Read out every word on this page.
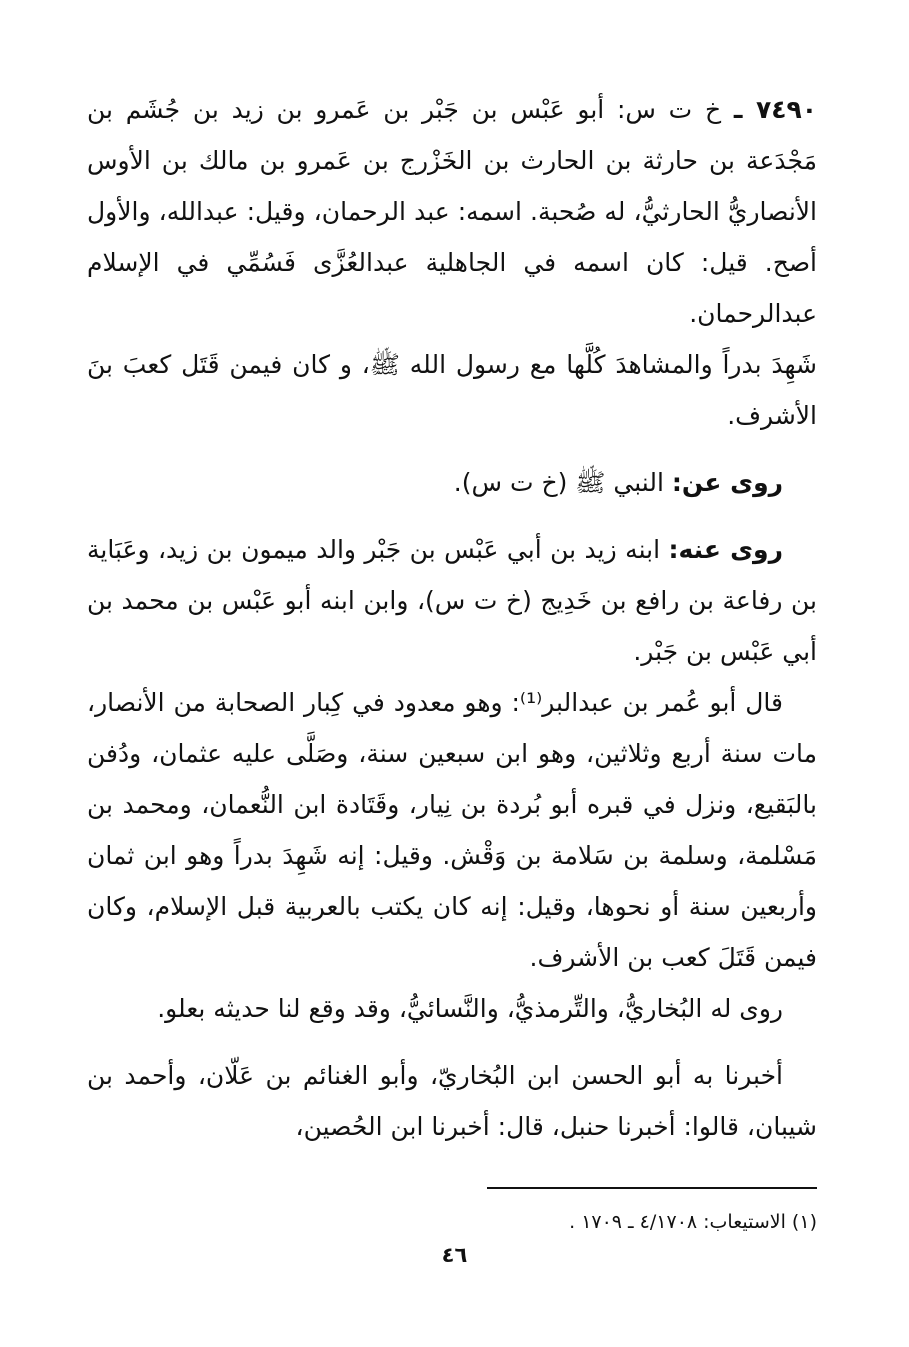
٧٤٩٠ ـ خ ت س: أبو عَبْس بن جَبْر بن عَمرو بن زيد بن جُشَم بن مَجْدَعة بن حارثة بن الحارث بن الخَزْرج بن عَمرو بن مالك بن الأوس الأنصاريُّ الحارثيُّ، له صُحبة. اسمه: عبد الرحمان، وقيل: عبدالله، والأول أصح. قيل: كان اسمه في الجاهلية عبدالعُزَّى فَسُمِّي في الإسلام عبدالرحمان.

شَهِدَ بدراً والمشاهدَ كُلَّها مع رسول الله ﷺ، و كان فيمن قَتَل كعبَ بنَ الأشرف.

روى عن: النبي ﷺ (خ ت س).

روى عنه: ابنه زيد بن أبي عَبْس بن جَبْر والد ميمون بن زيد، وعَبَاية بن رفاعة بن رافع بن خَدِيج (خ ت س)، وابن ابنه أبو عَبْس بن محمد بن أبي عَبْس بن جَبْر.

قال أبو عُمر بن عبدالبر⁽¹⁾: وهو معدود في كِبار الصحابة من الأنصار، مات سنة أربع وثلاثين، وهو ابن سبعين سنة، وصَلَّى عليه عثمان، ودُفن بالبَقيع، ونزل في قبره أبو بُردة بن نِيار، وقَتَادة ابن النُّعمان، ومحمد بن مَسْلمة، وسلمة بن سَلامة بن وَقْش. وقيل: إنه شَهِدَ بدراً وهو ابن ثمان وأربعين سنة أو نحوها، وقيل: إنه كان يكتب بالعربية قبل الإسلام، وكان فيمن قَتَلَ كعب بن الأشرف.

روى له البُخاريُّ، والتِّرمذيُّ، والنَّسائيُّ، وقد وقع لنا حديثه بعلو.

أخبرنا به أبو الحسن ابن البُخاريّ، وأبو الغنائم بن عَلّان، وأحمد بن شيبان، قالوا: أخبرنا حنبل، قال: أخبرنا ابن الحُصين،

(١) الاستيعاب: ٤/١٧٠٨ ـ ١٧٠٩ .
٤٦
